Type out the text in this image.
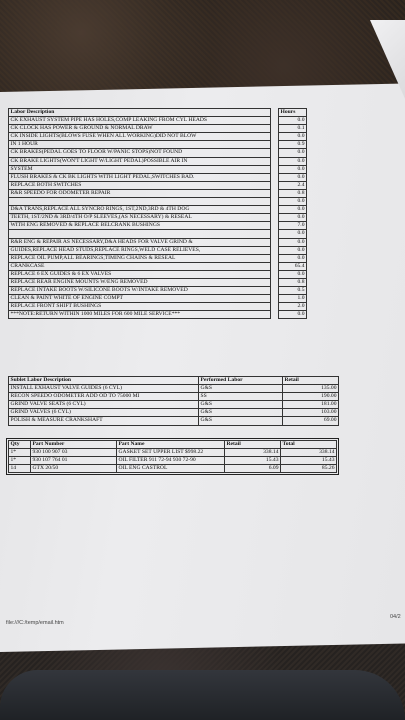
Labor Description		Hours
CK EXHAUST SYSTEM PIPE HAS HOLES,COMP LEAKING FROM CYL HEADS		0.0
CK CLOCK HAS POWER & GROUND & NORMAL DRAW		0.1
CK INSIDE LIGHTS(BLOWS FUSE WHEN ALL WORKING)DID NOT BLOW		0.0
IN 1 HOUR		0.9
CK BRAKES(PEDAL GOES TO FLOOR W/PANIC STOPS)NOT FOUND		0.0
CK BRAKE LIGHTS(WON'T LIGHT W/LIGHT PEDAL)POSSIBLE AIR IN		0.0
SYSTEM		0.0
FLUSH BRAKES & CK BK LIGHTS WITH LIGHT PEDAL,SWITCHES BAD.		0.0
REPLACE BOTH SWITCHES		2.4
R&R SPEEDO FOR ODOMETER REPAIR		0.8
		0.0
D&A TRANS,REPLACE ALL SYNCRO RINGS, 1ST,2ND,3RD & 4TH DOG		0.0
TEETH, 1ST/2ND & 3RD/4TH O/P SLEEVES,(AS NECESSARY) & RESEAL		0.0
WITH ENG REMOVED & REPLACE BELCRANK BUSHINGS		7.0
		0.0
R&R ENG & REPAIR AS NECESSARY,D&A HEADS FOR VALVE GRIND &		0.0
GUIDES,REPLACE HEAD STUDS,REPLACE RINGS,WELD CASE RELIEVES,		0.0
REPLACE OIL PUMP,ALL BEARINGS,TIMING CHAINS & RESEAL		0.0
CRANKCASE		65.4
REPLACE 6 EX GUIDES & 6 EX VALVES		0.0
REPLACE REAR ENGINE MOUNTS W/ENG REMOVED		0.8
REPLACE INTAKE BOOTS W/SILICONE BOOTS W/INTAKE REMOVED		0.5
CLEAN & PAINT WHITE OF ENGINE COMPT		1.0
REPLACE FRONT SHIFT BUSHINGS		2.0
***NOTE:RETURN WITHIN 1000 MILES FOR 600 MILE SERVICE***		0.0
Sublet Labor Description	Performed Labor	Retail
INSTALL EXHAUST VALVE GUIDES (6 CYL)	G&S	135.00
RECON SPEEDO ODOMETER ADD OD TO 75000 MI	SS	190.00
GRIND VALVE SEATS (6 CYL)	G&S	181.00
GRIND VALVES (6 CYL)	G&S	103.00
POLISH & MEASURE CRANKSHAFT	G&S	69.00
Qty	Part Number	Part Name	Retail	Total
1*	930 100 907 03	GASKET SET UPPER LIST $998.22	338.14	338.14
1*	930 107 764 01	OIL FILTER 911 72-94 930 72-90	15.43	15.43
14	GTX 20/50	OIL ENG CASTROL	6.09	85.26
file:///C:/temp/email.htm
04/2
